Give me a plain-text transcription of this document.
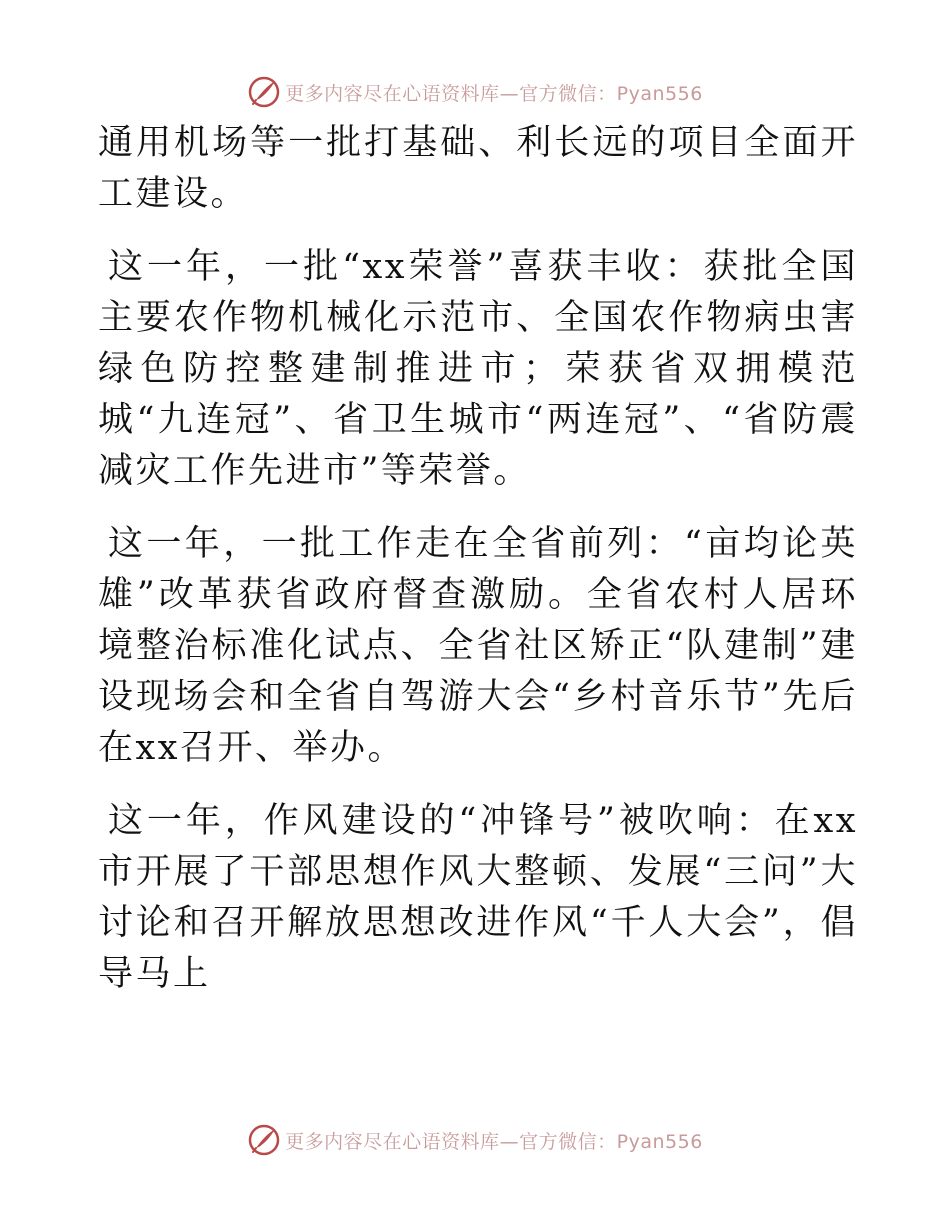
更多内容尽在心语资料库—官方微信：Pyan556

通用机场等一批打基础、利长远的项目全面开工建设。

这一年，一批“xx荣誉”喜获丰收：获批全国主要农作物机械化示范市、全国农作物病虫害绿色防控整建制推进市；荣获省双拥模范城“九连冠”、省卫生城市“两连冠”、“省防震减灾工作先进市”等荣誉。

这一年，一批工作走在全省前列：“亩均论英雄”改革获省政府督查激励。全省农村人居环境整治标准化试点、全省社区矫正“队建制”建设现场会和全省自驾游大会“乡村音乐节”先后在xx召开、举办。

这一年，作风建设的“冲锋号”被吹响：在xx市开展了干部思想作风大整顿、发展“三问”大讨论和召开解放思想改进作风“千人大会”，倡导马上

更多内容尽在心语资料库—官方微信：Pyan556
